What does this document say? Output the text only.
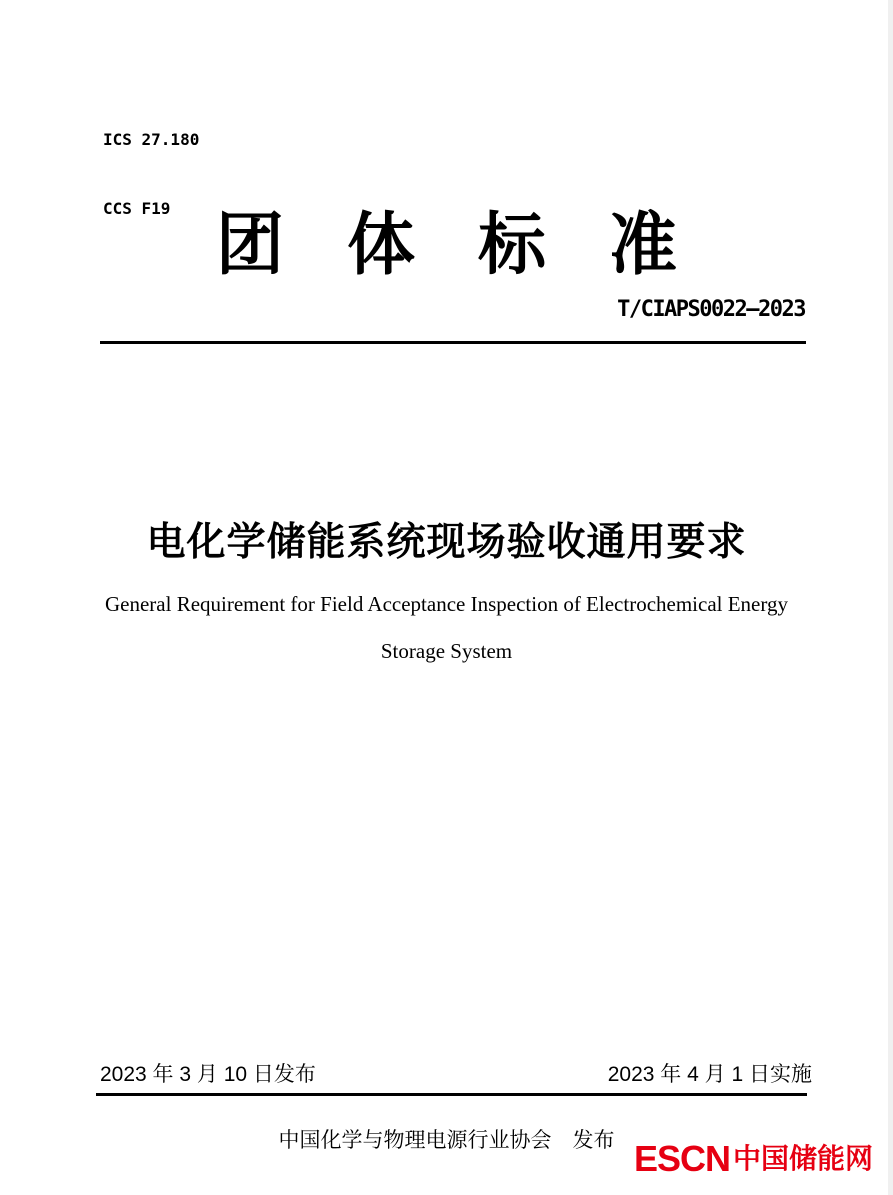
ICS 27.180

CCS F19

团体标准
T/CIAPS0022—2023
电化学储能系统现场验收通用要求

General Requirement for Field Acceptance Inspection of Electrochemical Energy

Storage System

2023 年 3 月 10 日发布	2023 年 4 月 1 日实施
中国化学与物理电源行业协会　发布 ESCN 中国储能网
